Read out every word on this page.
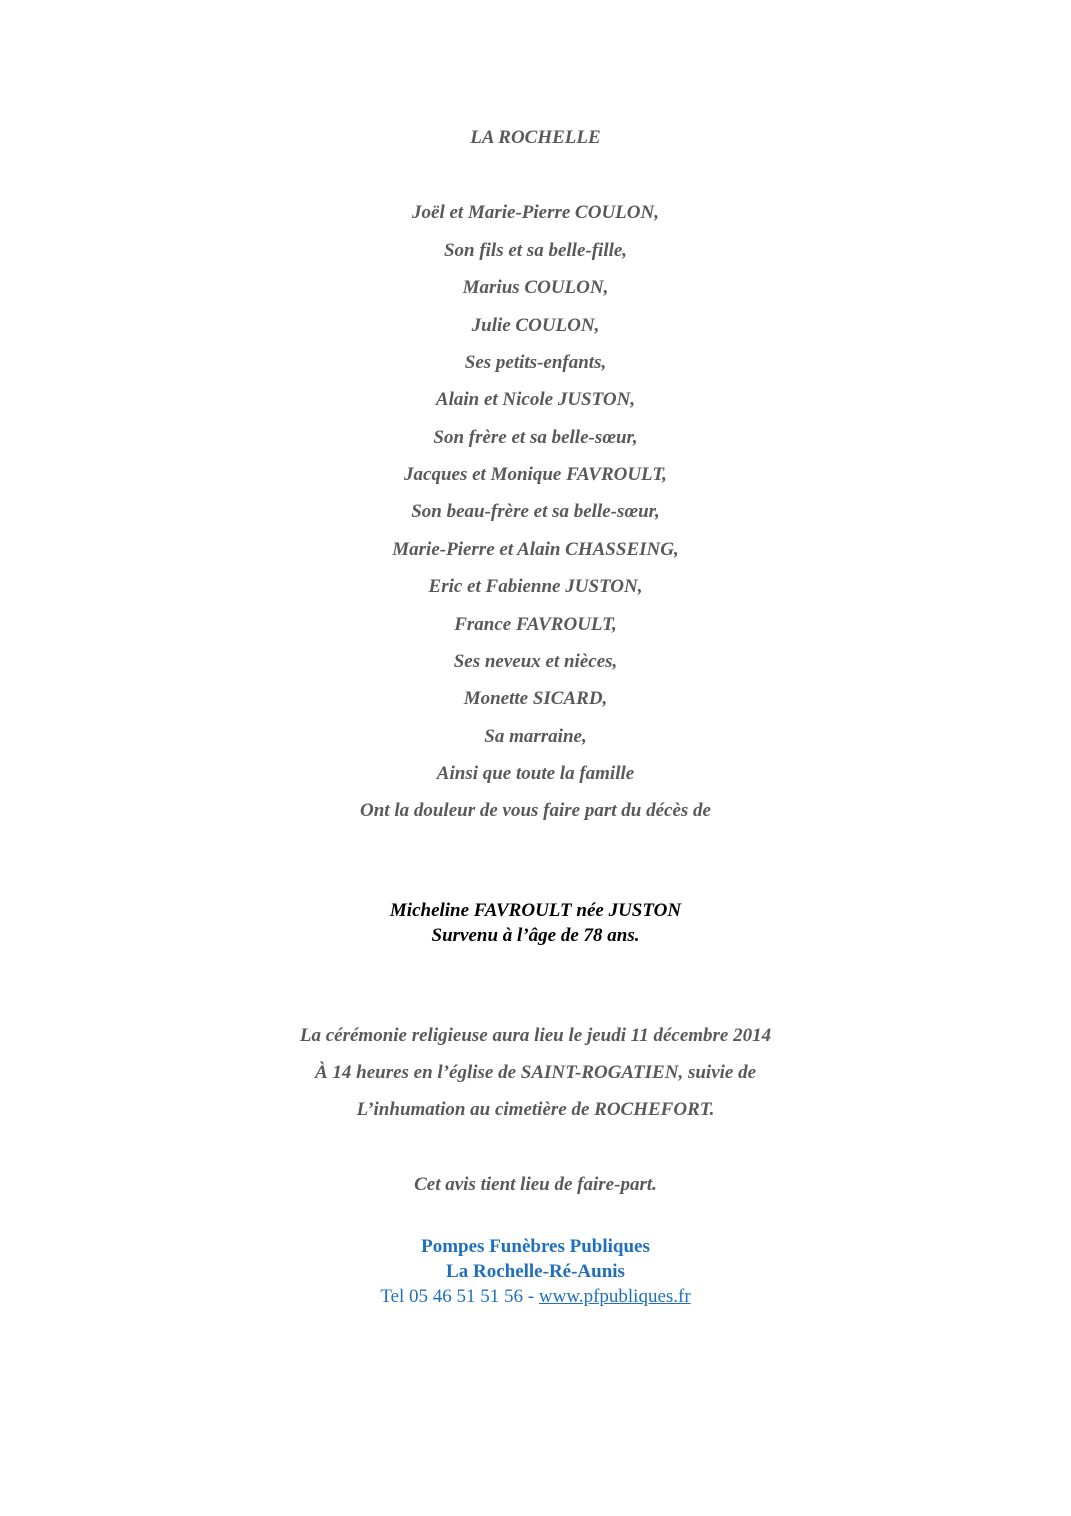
LA ROCHELLE
Joël et Marie-Pierre COULON,
Son fils et sa belle-fille,
Marius COULON,
Julie COULON,
Ses petits-enfants,
Alain et Nicole JUSTON,
Son frère et sa belle-sœur,
Jacques et Monique FAVROULT,
Son beau-frère et sa belle-sœur,
Marie-Pierre et Alain CHASSEING,
Eric et Fabienne JUSTON,
France FAVROULT,
Ses neveux et nièces,
Monette SICARD,
Sa marraine,
Ainsi que toute la famille
Ont la douleur de vous faire part du décès de
Micheline FAVROULT née JUSTON
Survenu à l’âge de 78 ans.
La cérémonie religieuse aura lieu le jeudi 11 décembre 2014
À 14 heures en l’église de SAINT-ROGATIEN, suivie de
L’inhumation au cimetière de ROCHEFORT.
Cet avis tient lieu de faire-part.
Pompes Funèbres Publiques
La Rochelle-Ré-Aunis
Tel 05 46 51 51 56 - www.pfpubliques.fr
